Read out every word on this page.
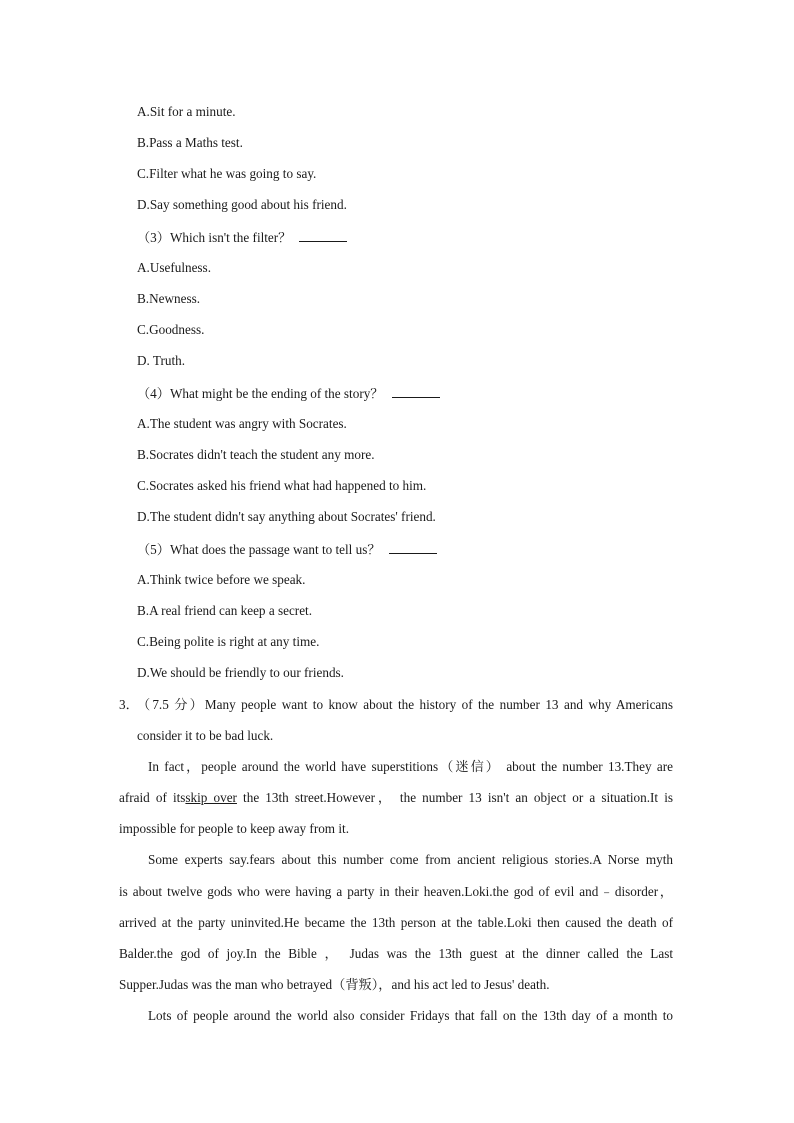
A.Sit for a minute.
B.Pass a Maths test.
C.Filter what he was going to say.
D.Say something good about his friend.
（3）Which isn't the filter？
A.Usefulness.
B.Newness.
C.Goodness.
D. Truth.
（4）What might be the ending of the story？
A.The student was angry with Socrates.
B.Socrates didn't teach the student any more.
C.Socrates asked his friend what had happened to him.
D.The student didn't say anything about Socrates' friend.
（5）What does the passage want to tell us？
A.Think twice before we speak.
B.A real friend can keep a secret.
C.Being polite is right at any time.
D.We should be friendly to our friends.
3．
（7.5 分）Many people want to know about the history of the number 13 and why Americans
consider it to be bad luck.
In fact，people around the world have superstitions（迷信） about the number 13.They are
afraid of itsskip over the 13th street.However， the number 13 isn't an object or a situation.It is
impossible for people to keep away from it.
Some experts say.fears about this number come from ancient religious stories.A Norse myth
is about twelve gods who were having a party in their heaven.Loki.the god of evil and﹣disorder，
arrived at the party uninvited.He became the 13th person at the table.Loki then caused the death of
Balder.the god of joy.In the Bible ， Judas was the 13th guest at the dinner called the Last
Supper.Judas was the man who betrayed（背叛），and his act led to Jesus' death.
Lots of people around the world also consider Fridays that fall on the 13th day of a month to
